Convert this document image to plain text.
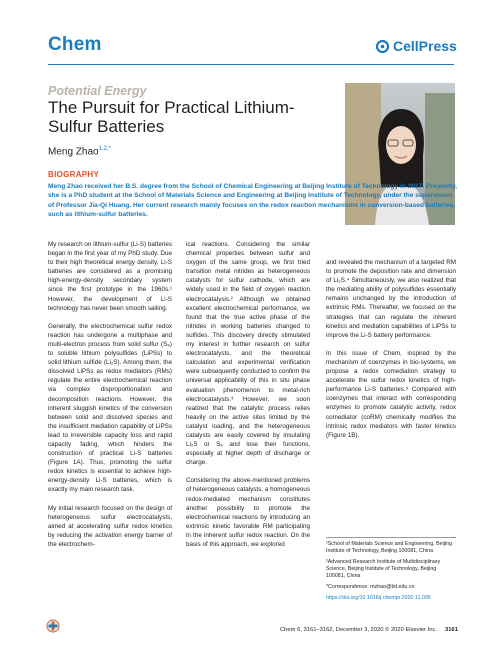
Chem	CellPress
Potential Energy
The Pursuit for Practical Lithium-Sulfur Batteries
Meng Zhao$^{1,2,*}$
BIOGRAPHY
Meng Zhao received her B.S. degree from the School of Chemical Engineering at Beijing Institute of Technology in 2017. Presently, she is a PhD student at the School of Materials Science and Engineering at Beijing Institute of Technology, under the supervision of Professor Jia-Qi Huang. Her current research mainly focuses on the redox reaction mechanisms in conversion-based batteries, such as lithium-sulfur batteries.

My research on lithium-sulfur (Li-S) batteries began in the first year of my PhD study. Due to their high theoretical energy density, Li-S batteries are considered as a promising high-energy-density secondary system since the first prototype in the 1960s.¹ However, the development of Li-S technology has never been smooth sailing.

Generally, the electrochemical sulfur redox reaction has undergone a multiphase and multi-electron process from solid sulfur (S₈) to soluble lithium polysulfides (LiPSs) to solid lithium sulfide (Li₂S). Among them, the dissolved LiPSs as redox mediators (RMs) regulate the entire electrochemical reaction via complex disproportionation and decomposition reactions. However, the inherent sluggish kinetics of the conversion between solid and dissolved species and the insufficient mediation capability of LiPSs lead to irreversible capacity loss and rapid capacity fading, which hinders the construction of practical Li-S batteries (Figure 1A). Thus, promoting the sulfur redox kinetics is essential to achieve high-energy-density Li-S batteries, which is exactly my main research task.

My initial research focused on the design of heterogeneous sulfur electrocatalysts, aimed at accelerating sulfur redox kinetics by reducing the activation energy barrier of the electrochem-

ical reactions. Considering the similar chemical properties between sulfur and oxygen of the same group, we first tried transition metal nitrides as heterogeneous catalysts for sulfur cathode, which are widely used in the field of oxygen reaction electrocatalysis.² Although we obtained excellent electrochemical performance, we found that the true active phase of the nitrides in working batteries changed to sulfides. This discovery directly stimulated my interest in further research on sulfur electrocatalysts, and the theoretical calculation and experimental verification were subsequently conducted to confirm the universal applicability of this in situ phase evaluation phenomenon to metal-rich electrocatalysts.³ However, we soon realized that the catalytic process relies heavily on the active sites limited by the catalyst loading, and the heterogeneous catalysts are easily covered by insulating Li₂S or S₈ and lose their functions, especially at higher depth of discharge or charge.

Considering the above-mentioned problems of heterogeneous catalysts, a homogeneous redox-mediated mechanism constitutes another possibility to promote the electrochemical reactions by introducing an extrinsic kinetic favorable RM participating in the inherent sulfur redox reaction. On the basis of this approach, we explored

and revealed the mechanism of a targeted RM to promote the deposition rate and dimension of Li₂S.⁴ Simultaneously, we also realized that the mediating ability of polysulfides essentially remains unchanged by the introduction of extrinsic RMs. Thereafter, we focused on the strategies that can regulate the inherent kinetics and mediation capabilities of LiPSs to improve the Li-S battery performance.

In this issue of Chem, inspired by the mechanism of coenzymes in bio-systems, we propose a redox comediation strategy to accelerate the sulfur redox kinetics of high-performance Li-S batteries.⁵ Compared with coenzymes that interact with corresponding enzymes to promote catalytic activity, redox comediator (coRM) chemically modifies the intrinsic redox mediators with faster kinetics (Figure 1B).

¹School of Materials Science and Engineering, Beijing Institute of Technology, Beijing 100081, China

²Advanced Research Institute of Multidisciplinary Science, Beijing Institute of Technology, Beijing 100081, China

*Correspondence: mzhao@bit.edu.cn

https://doi.org/10.1016/j.chempr.2020.11.006

Chem 6, 3161–3162, December 3, 2020 © 2020 Elsevier Inc. 3161
